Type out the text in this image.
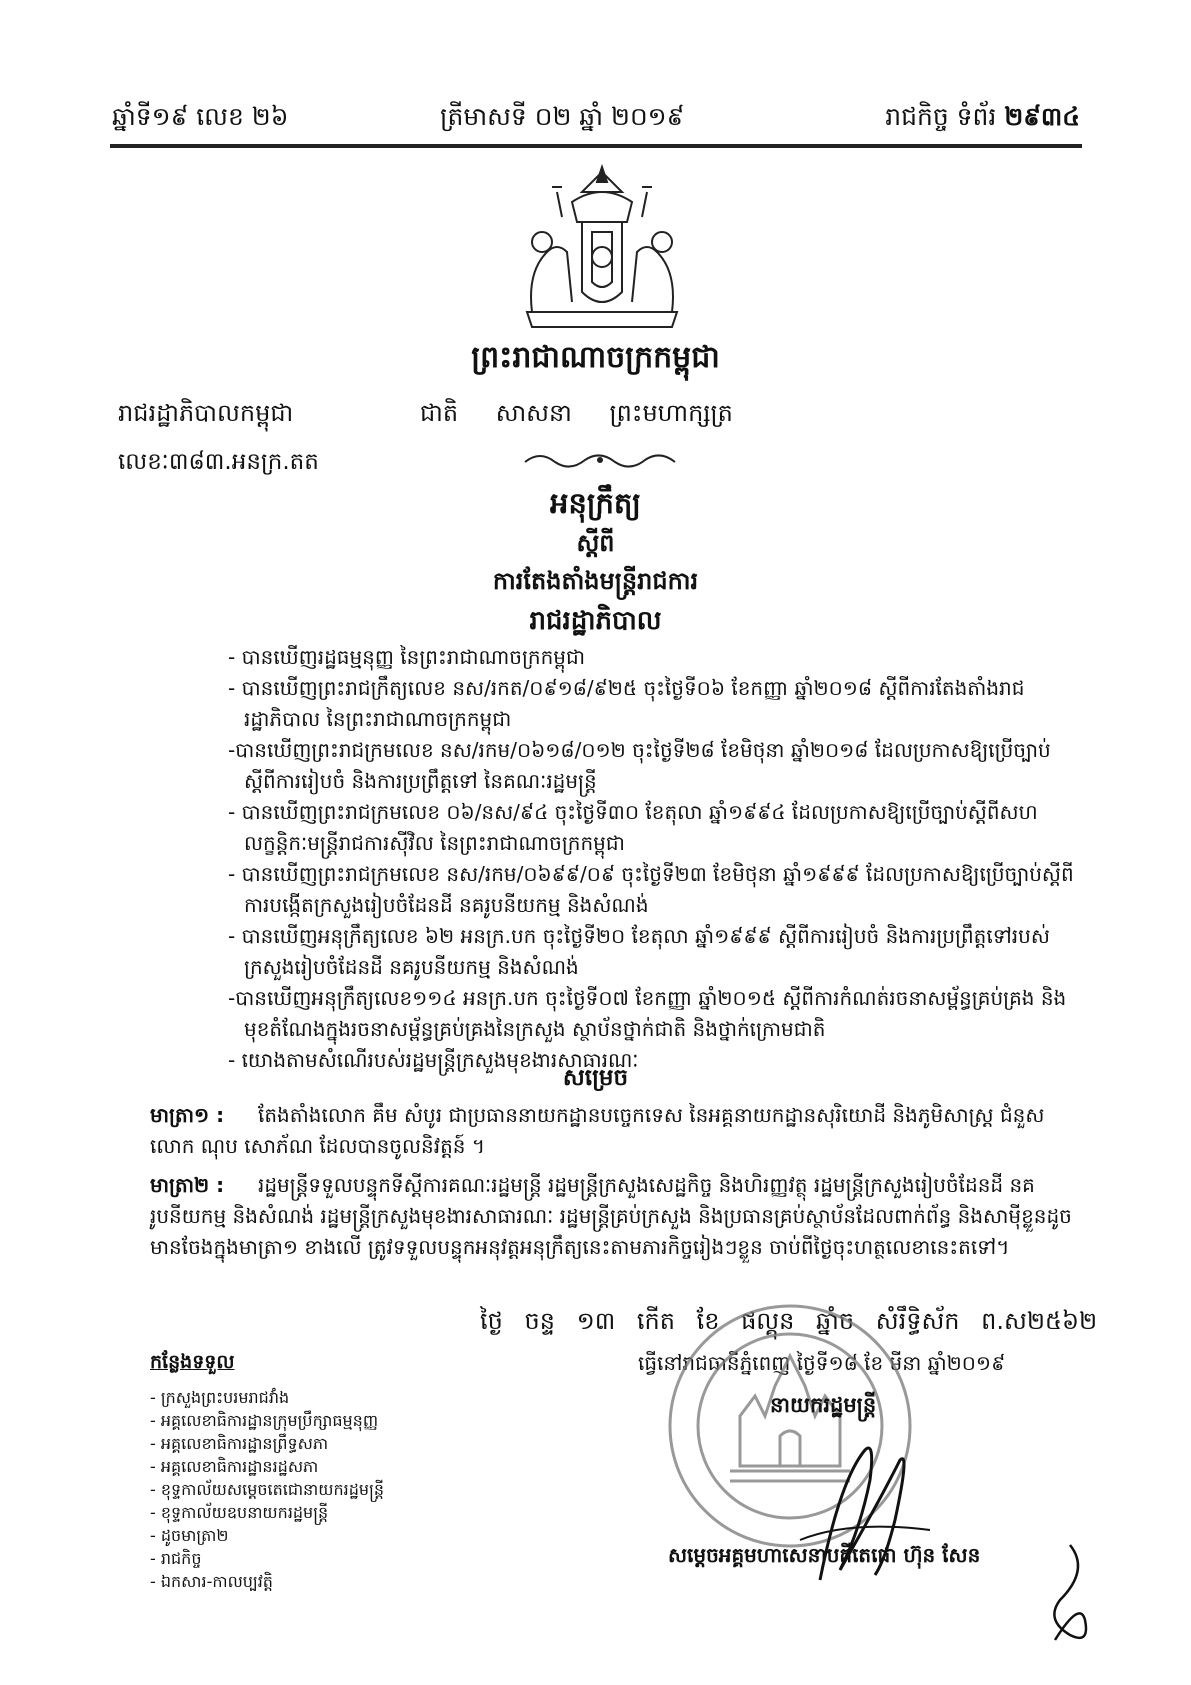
ឆ្នាំទី១៩ លេខ ២៦	ត្រីមាសទី ០២ ឆ្នាំ ២០១៩	រាជកិច្ច ទំព័រ ២៩៣៤
ព្រះរាជាណាចក្រកម្ពុជា
រាជរដ្ឋាភិបាលកម្ពុជា	ជាតិ សាសនា ព្រះមហាក្សត្រ
លេខៈ៣៨៣.អនក្រ.តត
អនុក្រឹត្យ
ស្តីពី
ការតែងតាំងមន្ត្រីរាជការ
រាជរដ្ឋាភិបាល

- បានឃើញរដ្ឋធម្មនុញ្ញ នៃព្រះរាជាណាចក្រកម្ពុជា

- បានឃើញព្រះរាជក្រឹត្យលេខ នស/រកត/០៩១៨/៩២៥ ចុះថ្ងៃទី០៦ ខែកញ្ញា ឆ្នាំ២០១៨ ស្តីពីការតែងតាំងរាជរដ្ឋាភិបាល នៃព្រះរាជាណាចក្រកម្ពុជា

-បានឃើញព្រះរាជក្រមលេខ នស/រកម/០៦១៨/០១២ ចុះថ្ងៃទី២៨ ខែមិថុនា ឆ្នាំ២០១៨ ដែលប្រកាសឱ្យប្រើច្បាប់ស្តីពីការរៀបចំ និងការប្រព្រឹត្តទៅ នៃគណៈរដ្ឋមន្ត្រី

- បានឃើញព្រះរាជក្រមលេខ ០៦/នស/៩៤ ចុះថ្ងៃទី៣០ ខែតុលា ឆ្នាំ១៩៩៤ ដែលប្រកាសឱ្យប្រើច្បាប់ស្តីពីសហលក្ខន្តិកៈមន្ត្រីរាជការស៊ីវិល នៃព្រះរាជាណាចក្រកម្ពុជា

- បានឃើញព្រះរាជក្រមលេខ នស/រកម/០៦៩៩/០៩ ចុះថ្ងៃទី២៣ ខែមិថុនា ឆ្នាំ១៩៩៩ ដែលប្រកាសឱ្យប្រើច្បាប់ស្តីពីការបង្កើតក្រសួងរៀបចំដែនដី នគរូបនីយកម្ម និងសំណង់

- បានឃើញអនុក្រឹត្យលេខ ៦២ អនក្រ.បក ចុះថ្ងៃទី២០ ខែតុលា ឆ្នាំ១៩៩៩ ស្តីពីការរៀបចំ និងការប្រព្រឹត្តទៅរបស់ក្រសួងរៀបចំដែនដី នគរូបនីយកម្ម និងសំណង់

-បានឃើញអនុក្រឹត្យលេខ១១៤ អនក្រ.បក ចុះថ្ងៃទី០៧ ខែកញ្ញា ឆ្នាំ២០១៥ ស្តីពីការកំណត់រចនាសម្ព័ន្ធគ្រប់គ្រង និងមុខតំណែងក្នុងរចនាសម្ព័ន្ធគ្រប់គ្រងនៃក្រសួង ស្ថាប័នថ្នាក់ជាតិ និងថ្នាក់ក្រោមជាតិ

- យោងតាមសំណើរបស់រដ្ឋមន្ត្រីក្រសួងមុខងារសាធារណៈ

សម្រេច
មាត្រា១ : តែងតាំងលោក គឹម សំបូរ ជាប្រធាននាយកដ្ឋានបច្ចេកទេស នៃអគ្គនាយកដ្ឋានសុរិយោដី និងភូមិសាស្ត្រ ជំនួសលោក ណុប សោភ័ណ ដែលបានចូលនិវត្តន៍ ។
មាត្រា២ : រដ្ឋមន្ត្រីទទួលបន្ទុកទីស្តីការគណៈរដ្ឋមន្ត្រី រដ្ឋមន្ត្រីក្រសួងសេដ្ឋកិច្ច និងហិរញ្ញវត្ថុ រដ្ឋមន្ត្រីក្រសួងរៀបចំដែនដី នគរូបនីយកម្ម និងសំណង់ រដ្ឋមន្ត្រីក្រសួងមុខងារសាធារណៈ រដ្ឋមន្ត្រីគ្រប់ក្រសួង និងប្រធានគ្រប់ស្ថាប័នដែលពាក់ព័ន្ធ និងសាម៉ីខ្លួនដូចមានចែងក្នុងមាត្រា១ ខាងលើ ត្រូវទទួលបន្ទុកអនុវត្តអនុក្រឹត្យនេះតាមភារកិច្ចរៀងៗខ្លួន ចាប់ពីថ្ងៃចុះហត្ថលេខានេះតទៅ។
ថ្ងៃ ចន្ទ ១៣ កើត ខែ ផល្គុន ឆ្នាំច សំរឹទ្ធិស័ក ព.ស២៥៦២
ធ្វើនៅរាជធានីភ្នំពេញ ថ្ងៃទី១៨ ខែ មីនា ឆ្នាំ២០១៩
កន្លែងទទួល
- ក្រសួងព្រះបរមរាជវាំង
- អគ្គលេខាធិការដ្ឋានក្រុមប្រឹក្សាធម្មនុញ្ញ
- អគ្គលេខាធិការដ្ឋានព្រឹទ្ធសភា
- អគ្គលេខាធិការដ្ឋានរដ្ឋសភា
- ខុទ្ទកាល័យសម្តេចតេជោនាយករដ្ឋមន្ត្រី
- ខុទ្ទកាល័យឧបនាយករដ្ឋមន្ត្រី
- ដូចមាត្រា២
- រាជកិច្ច
- ឯកសារ-កាលប្បវត្តិ
នាយករដ្ឋមន្ត្រី
សម្តេចអគ្គមហាសេនាបតីតេជោ ហ៊ុន សែន
